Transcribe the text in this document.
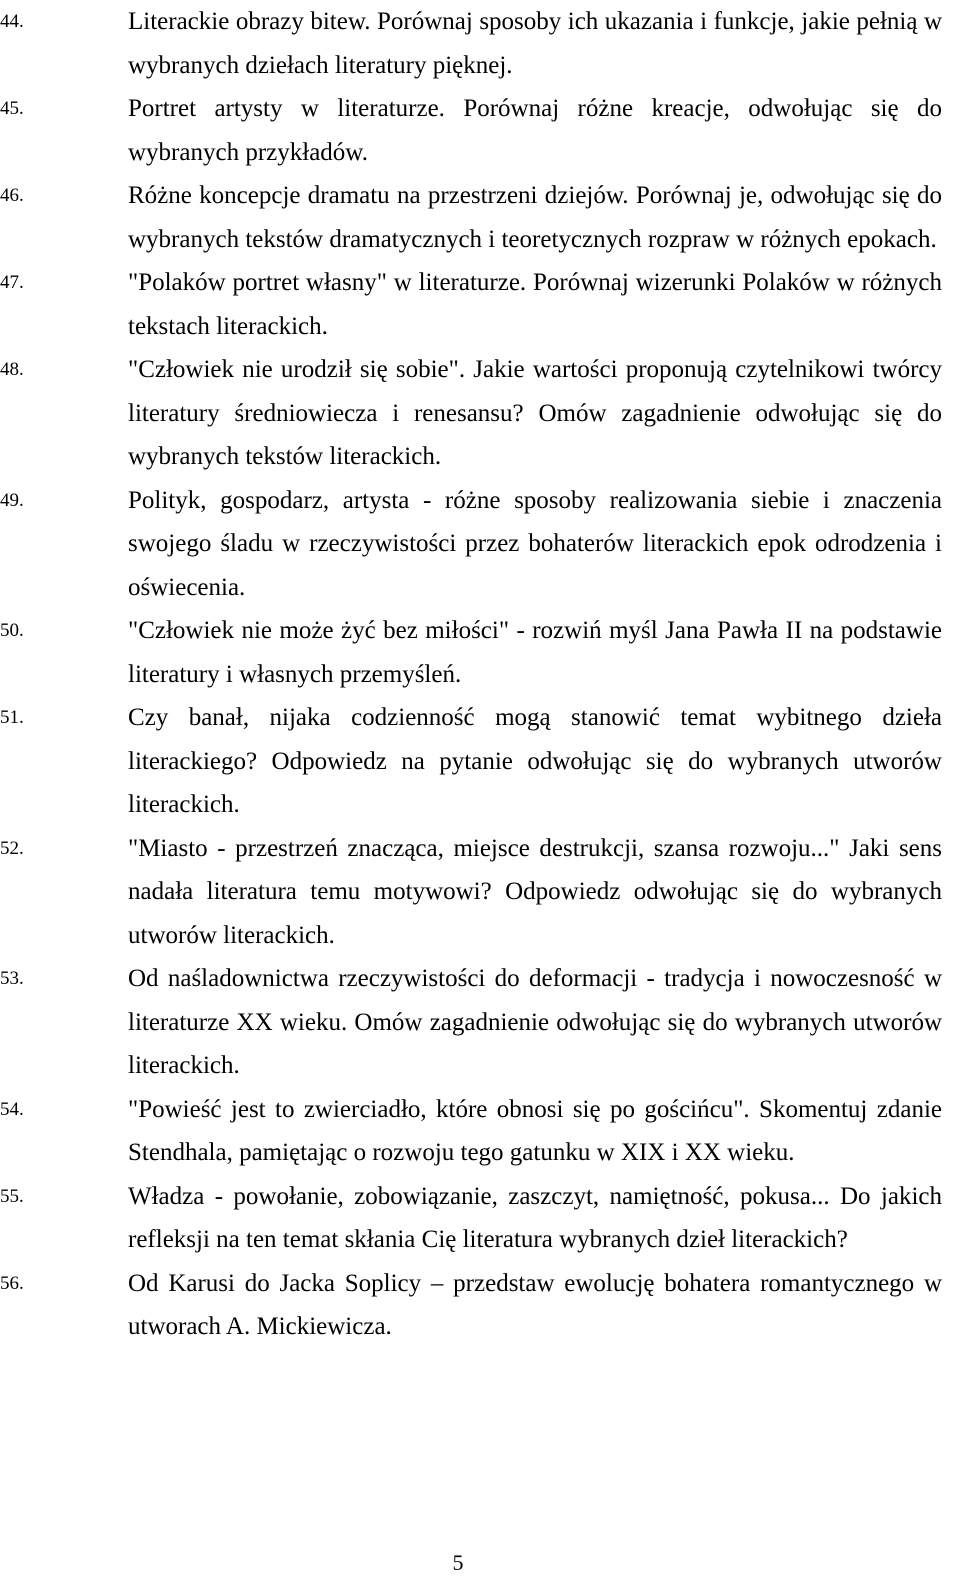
44.	Literackie obrazy bitew. Porównaj sposoby ich ukazania i funkcje, jakie pełnią w wybranych dziełach literatury pięknej.
45.	Portret artysty w literaturze. Porównaj różne kreacje, odwołując się do wybranych przykładów.
46.	Różne koncepcje dramatu na przestrzeni dziejów. Porównaj je, odwołując się do wybranych tekstów dramatycznych i teoretycznych rozpraw w różnych epokach.
47.	"Polaków portret własny" w literaturze. Porównaj wizerunki Polaków w różnych tekstach literackich.
48.	"Człowiek nie urodził się sobie". Jakie wartości proponują czytelnikowi twórcy literatury średniowiecza i renesansu? Omów zagadnienie odwołując się do wybranych tekstów literackich.
49.	Polityk, gospodarz, artysta - różne sposoby realizowania siebie i znaczenia swojego śladu w rzeczywistości przez bohaterów literackich epok odrodzenia i oświecenia.
50.	"Człowiek nie może żyć bez miłości" - rozwiń myśl Jana Pawła II na podstawie literatury i własnych przemyśleń.
51.	Czy banał, nijaka codzienność mogą stanowić temat wybitnego dzieła literackiego? Odpowiedz na pytanie odwołując się do wybranych utworów literackich.
52.	"Miasto - przestrzeń znacząca, miejsce destrukcji, szansa rozwoju..." Jaki sens nadała literatura temu motywowi? Odpowiedz odwołując się do wybranych utworów literackich.
53.	Od naśladownictwa rzeczywistości do deformacji - tradycja i nowoczesność w literaturze XX wieku. Omów zagadnienie odwołując się do wybranych utworów literackich.
54.	"Powieść jest to zwierciadło, które obnosi się po gościńcu". Skomentuj zdanie Stendhala, pamiętając o rozwoju tego gatunku w XIX i XX wieku.
55.	Władza - powołanie, zobowiązanie, zaszczyt, namiętność, pokusa... Do jakich refleksji na ten temat skłania Cię literatura wybranych dzieł literackich?
56.	Od Karusi do Jacka Soplicy – przedstaw ewolucję bohatera romantycznego w utworach A. Mickiewicza.
5
